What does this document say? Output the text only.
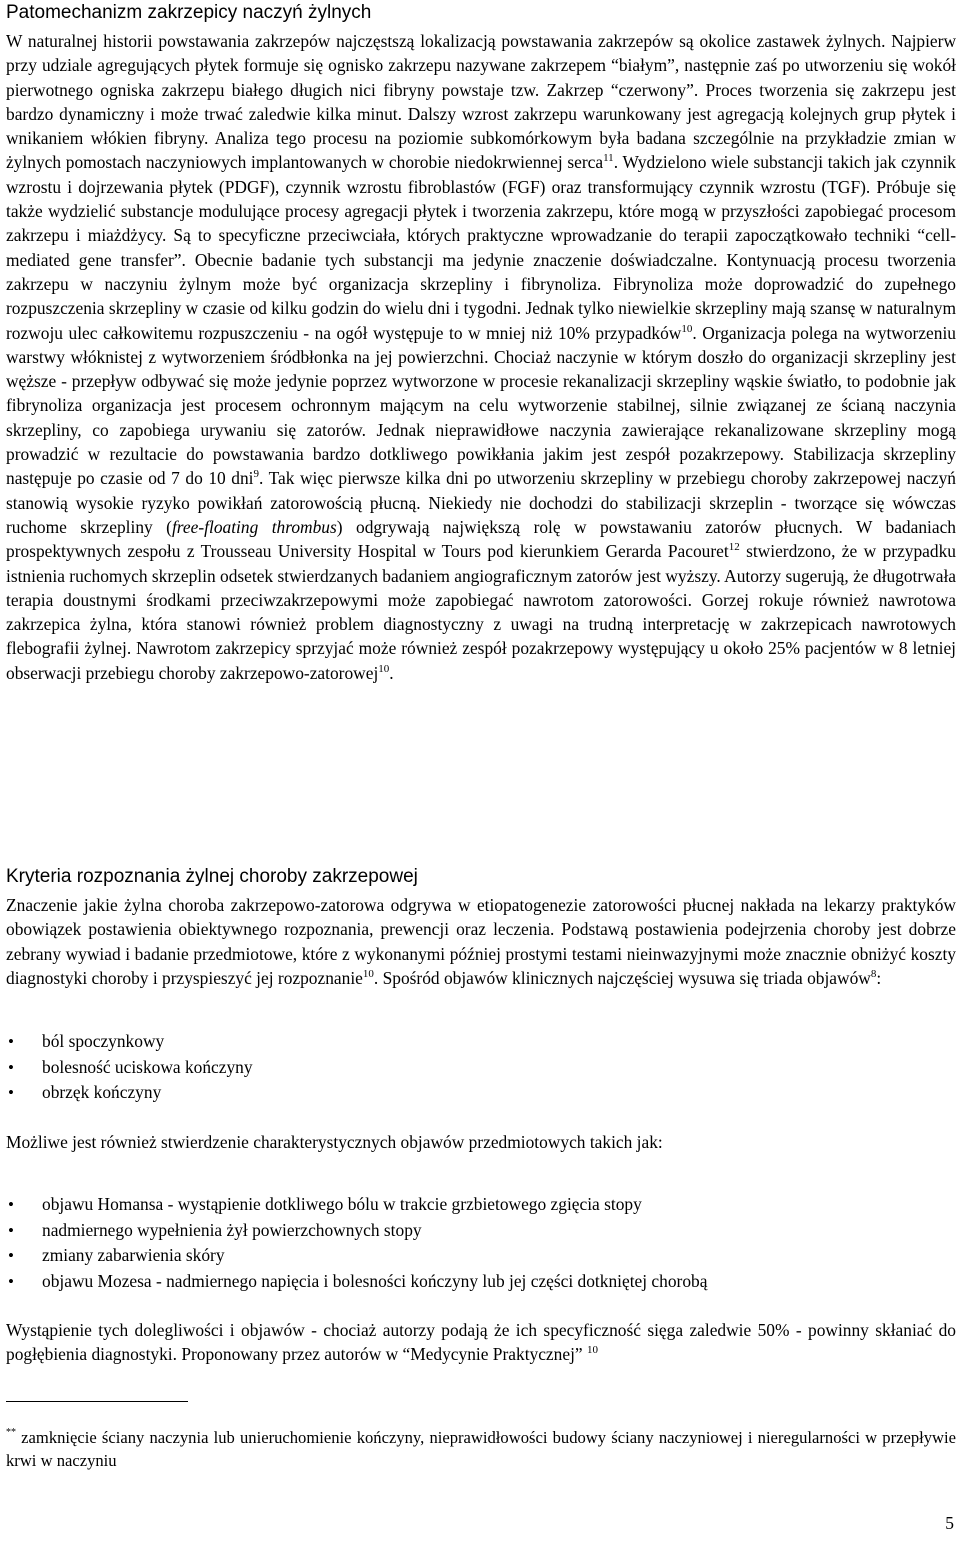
Patomechanizm zakrzepicy naczyń żylnych

W naturalnej historii powstawania zakrzepów najczęstszą lokalizacją powstawania zakrzepów są okolice zastawek żylnych. Najpierw przy udziale agregujących płytek formuje się ognisko zakrzepu nazywane zakrzepem “białym”, następnie zaś po utworzeniu się wokół pierwotnego ogniska zakrzepu białego długich nici fibryny powstaje tzw. Zakrzep “czerwony”. Proces tworzenia się zakrzepu jest bardzo dynamiczny i może trwać zaledwie kilka minut. Dalszy wzrost zakrzepu warunkowany jest agregacją kolejnych grup płytek i wnikaniem włókien fibryny. Analiza tego procesu na poziomie subkomórkowym była badana szczególnie na przykładzie zmian w żylnych pomostach naczyniowych implantowanych w chorobie niedokrwiennej serca$^{11}$. Wydzielono wiele substancji takich jak czynnik wzrostu i dojrzewania płytek (PDGF), czynnik wzrostu fibroblastów (FGF) oraz transformujący czynnik wzrostu (TGF). Próbuje się także wydzielić substancje modulujące procesy agregacji płytek i tworzenia zakrzepu, które mogą w przyszłości zapobiegać procesom zakrzepu i miażdżycy. Są to specyficzne przeciwciała, których praktyczne wprowadzanie do terapii zapoczątkowało techniki “cell-mediated gene transfer”. Obecnie badanie tych substancji ma jedynie znaczenie doświadczalne. Kontynuacją procesu tworzenia zakrzepu w naczyniu żylnym może być organizacja skrzepliny i fibrynoliza. Fibrynoliza może doprowadzić do zupełnego rozpuszczenia skrzepliny w czasie od kilku godzin do wielu dni i tygodni. Jednak tylko niewielkie skrzepliny mają szansę w naturalnym rozwoju ulec całkowitemu rozpuszczeniu - na ogół występuje to w mniej niż 10% przypadków$^{10}$. Organizacja polega na wytworzeniu warstwy włóknistej z wytworzeniem śródbłonka na jej powierzchni. Chociaż naczynie w którym doszło do organizacji skrzepliny jest węższe - przepływ odbywać się może jedynie poprzez wytworzone w procesie rekanalizacji skrzepliny wąskie światło, to podobnie jak fibrynoliza organizacja jest procesem ochronnym mającym na celu wytworzenie stabilnej, silnie związanej ze ścianą naczynia skrzepliny, co zapobiega urywaniu się zatorów. Jednak nieprawidłowe naczynia zawierające rekanalizowane skrzepliny mogą prowadzić w rezultacie do powstawania bardzo dotkliwego powikłania jakim jest zespół pozakrzepowy. Stabilizacja skrzepliny następuje po czasie od 7 do 10 dni$^9$. Tak więc pierwsze kilka dni po utworzeniu skrzepliny w przebiegu choroby zakrzepowej naczyń stanowią wysokie ryzyko powikłań zatorowością płucną. Niekiedy nie dochodzi do stabilizacji skrzeplin - tworzące się wówczas ruchome skrzepliny (free-floating thrombus) odgrywają największą rolę w powstawaniu zatorów płucnych. W badaniach prospektywnych zespołu z Trousseau University Hospital w Tours pod kierunkiem Gerarda Pacouret$^{12}$ stwierdzono, że w przypadku istnienia ruchomych skrzeplin odsetek stwierdzanych badaniem angiograficznym zatorów jest wyższy. Autorzy sugerują, że długotrwała terapia doustnymi środkami przeciwzakrzepowymi może zapobiegać nawrotom zatorowości. Gorzej rokuje również nawrotowa zakrzepica żylna, która stanowi również problem diagnostyczny z uwagi na trudną interpretację w zakrzepicach nawrotowych flebografii żylnej. Nawrotom zakrzepicy sprzyjać może również zespół pozakrzepowy występujący u około 25% pacjentów w 8 letniej obserwacji przebiegu choroby zakrzepowo-zatorowej$^{10}$.

Kryteria rozpoznania żylnej choroby zakrzepowej

Znaczenie jakie żylna choroba zakrzepowo-zatorowa odgrywa w etiopatogenezie zatorowości płucnej nakłada na lekarzy praktyków obowiązek postawienia obiektywnego rozpoznania, prewencji oraz leczenia. Podstawą postawienia podejrzenia choroby jest dobrze zebrany wywiad i badanie przedmiotowe, które z wykonanymi później prostymi testami nieinwazyjnymi może znacznie obniżyć koszty diagnostyki choroby i przyspieszyć jej rozpoznanie$^{10}$. Spośród objawów klinicznych najczęściej wysuwa się triada objawów$^8$:

• ból spoczynkowy
• bolesność uciskowa kończyny
• obrzęk kończyny

Możliwe jest również stwierdzenie charakterystycznych objawów przedmiotowych takich jak:

• objawu Homansa - wystąpienie dotkliwego bólu w trakcie grzbietowego zgięcia stopy
• nadmiernego wypełnienia żył powierzchownych stopy
• zmiany zabarwienia skóry
• objawu Mozesa - nadmiernego napięcia i bolesności kończyny lub jej części dotkniętej chorobą

Wystąpienie tych dolegliwości i objawów - chociaż autorzy podają że ich specyficzność sięga zaledwie 50% - powinny skłaniać do pogłębienia diagnostyki. Proponowany przez autorów w “Medycynie Praktycznej” $^{10}$

** zamknięcie ściany naczynia lub unieruchomienie kończyny, nieprawidłowości budowy ściany naczyniowej i nieregularności w przepływie krwi w naczyniu

5
